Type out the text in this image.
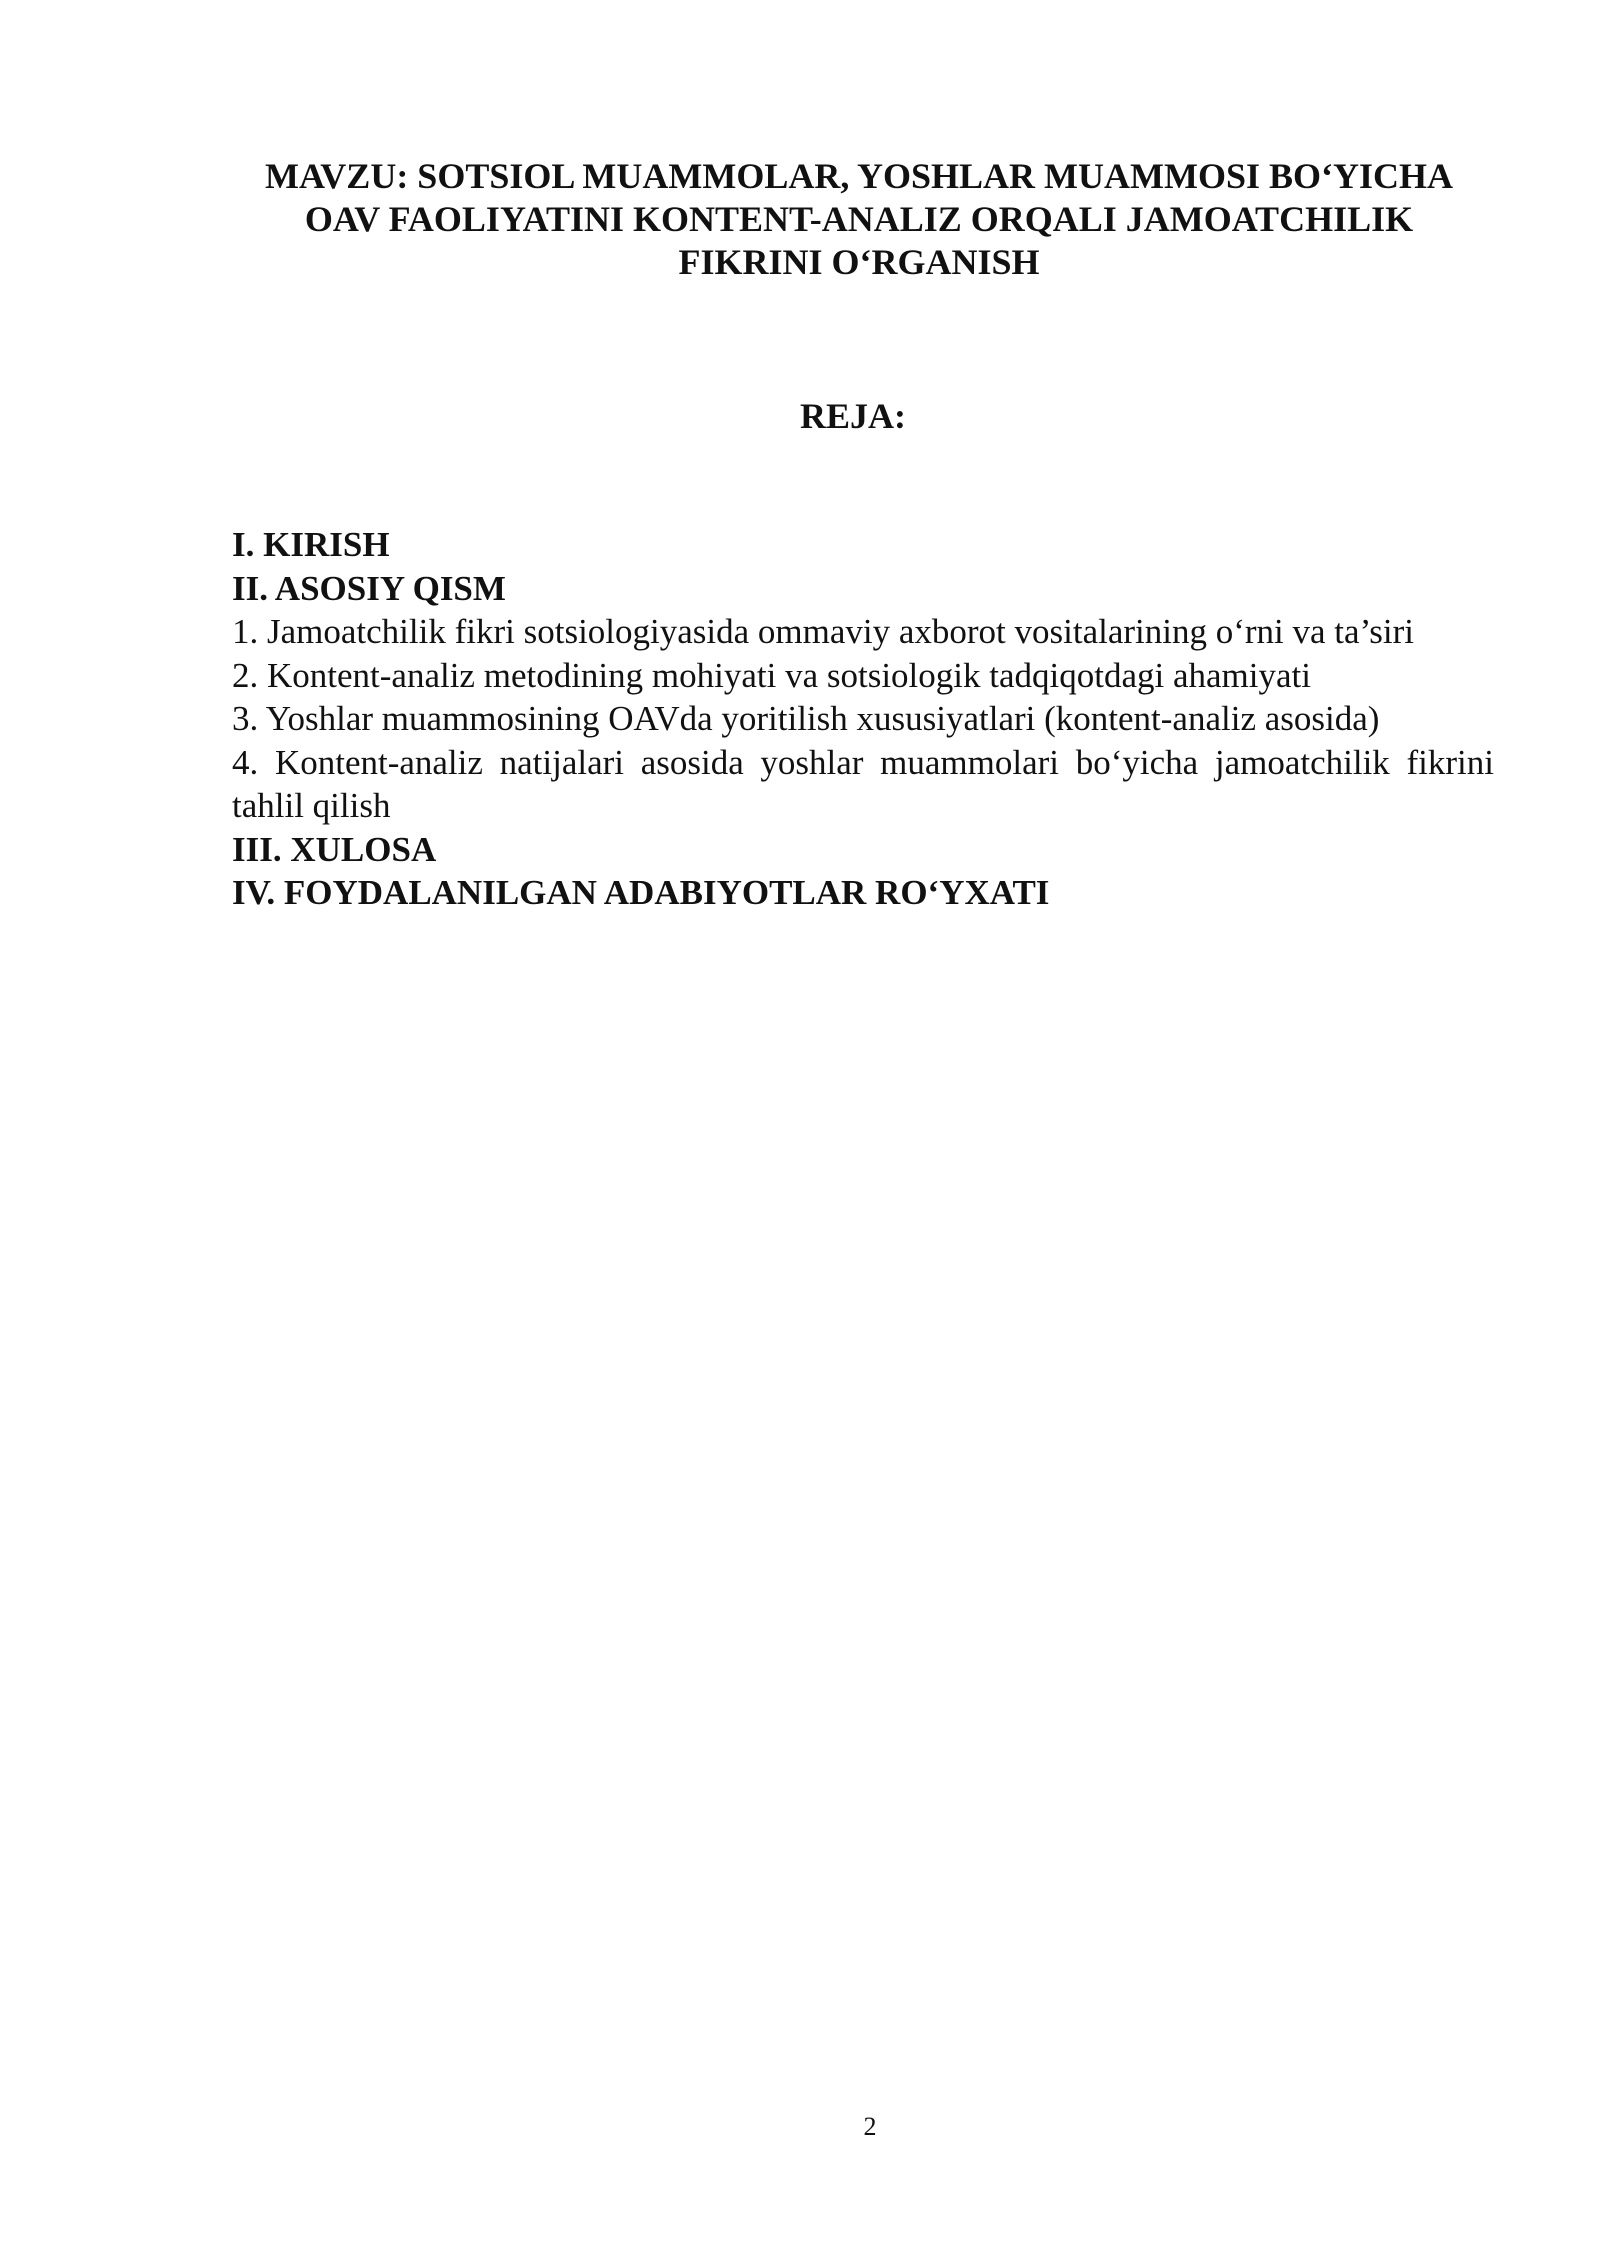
MAVZU: SOTSIOL MUAMMOLAR, YOSHLAR MUAMMOSI BO‘YICHA
OAV FAOLIYATINI KONTENT-ANALIZ ORQALI JAMOATCHILIK
FIKRINI O‘RGANISH
REJA:
I. KIRISH
II. ASOSIY QISM
1. Jamoatchilik fikri sotsiologiyasida ommaviy axborot vositalarining o‘rni va ta’siri
2. Kontent-analiz metodining mohiyati va sotsiologik tadqiqotdagi ahamiyati
3. Yoshlar muammosining OAVda yoritilish xususiyatlari (kontent-analiz asosida)
4. Kontent-analiz natijalari asosida yoshlar muammolari bo‘yicha jamoatchilik fikrini tahlil qilish
III. XULOSA
IV. FOYDALANILGAN ADABIYOTLAR RO‘YXATI
2
